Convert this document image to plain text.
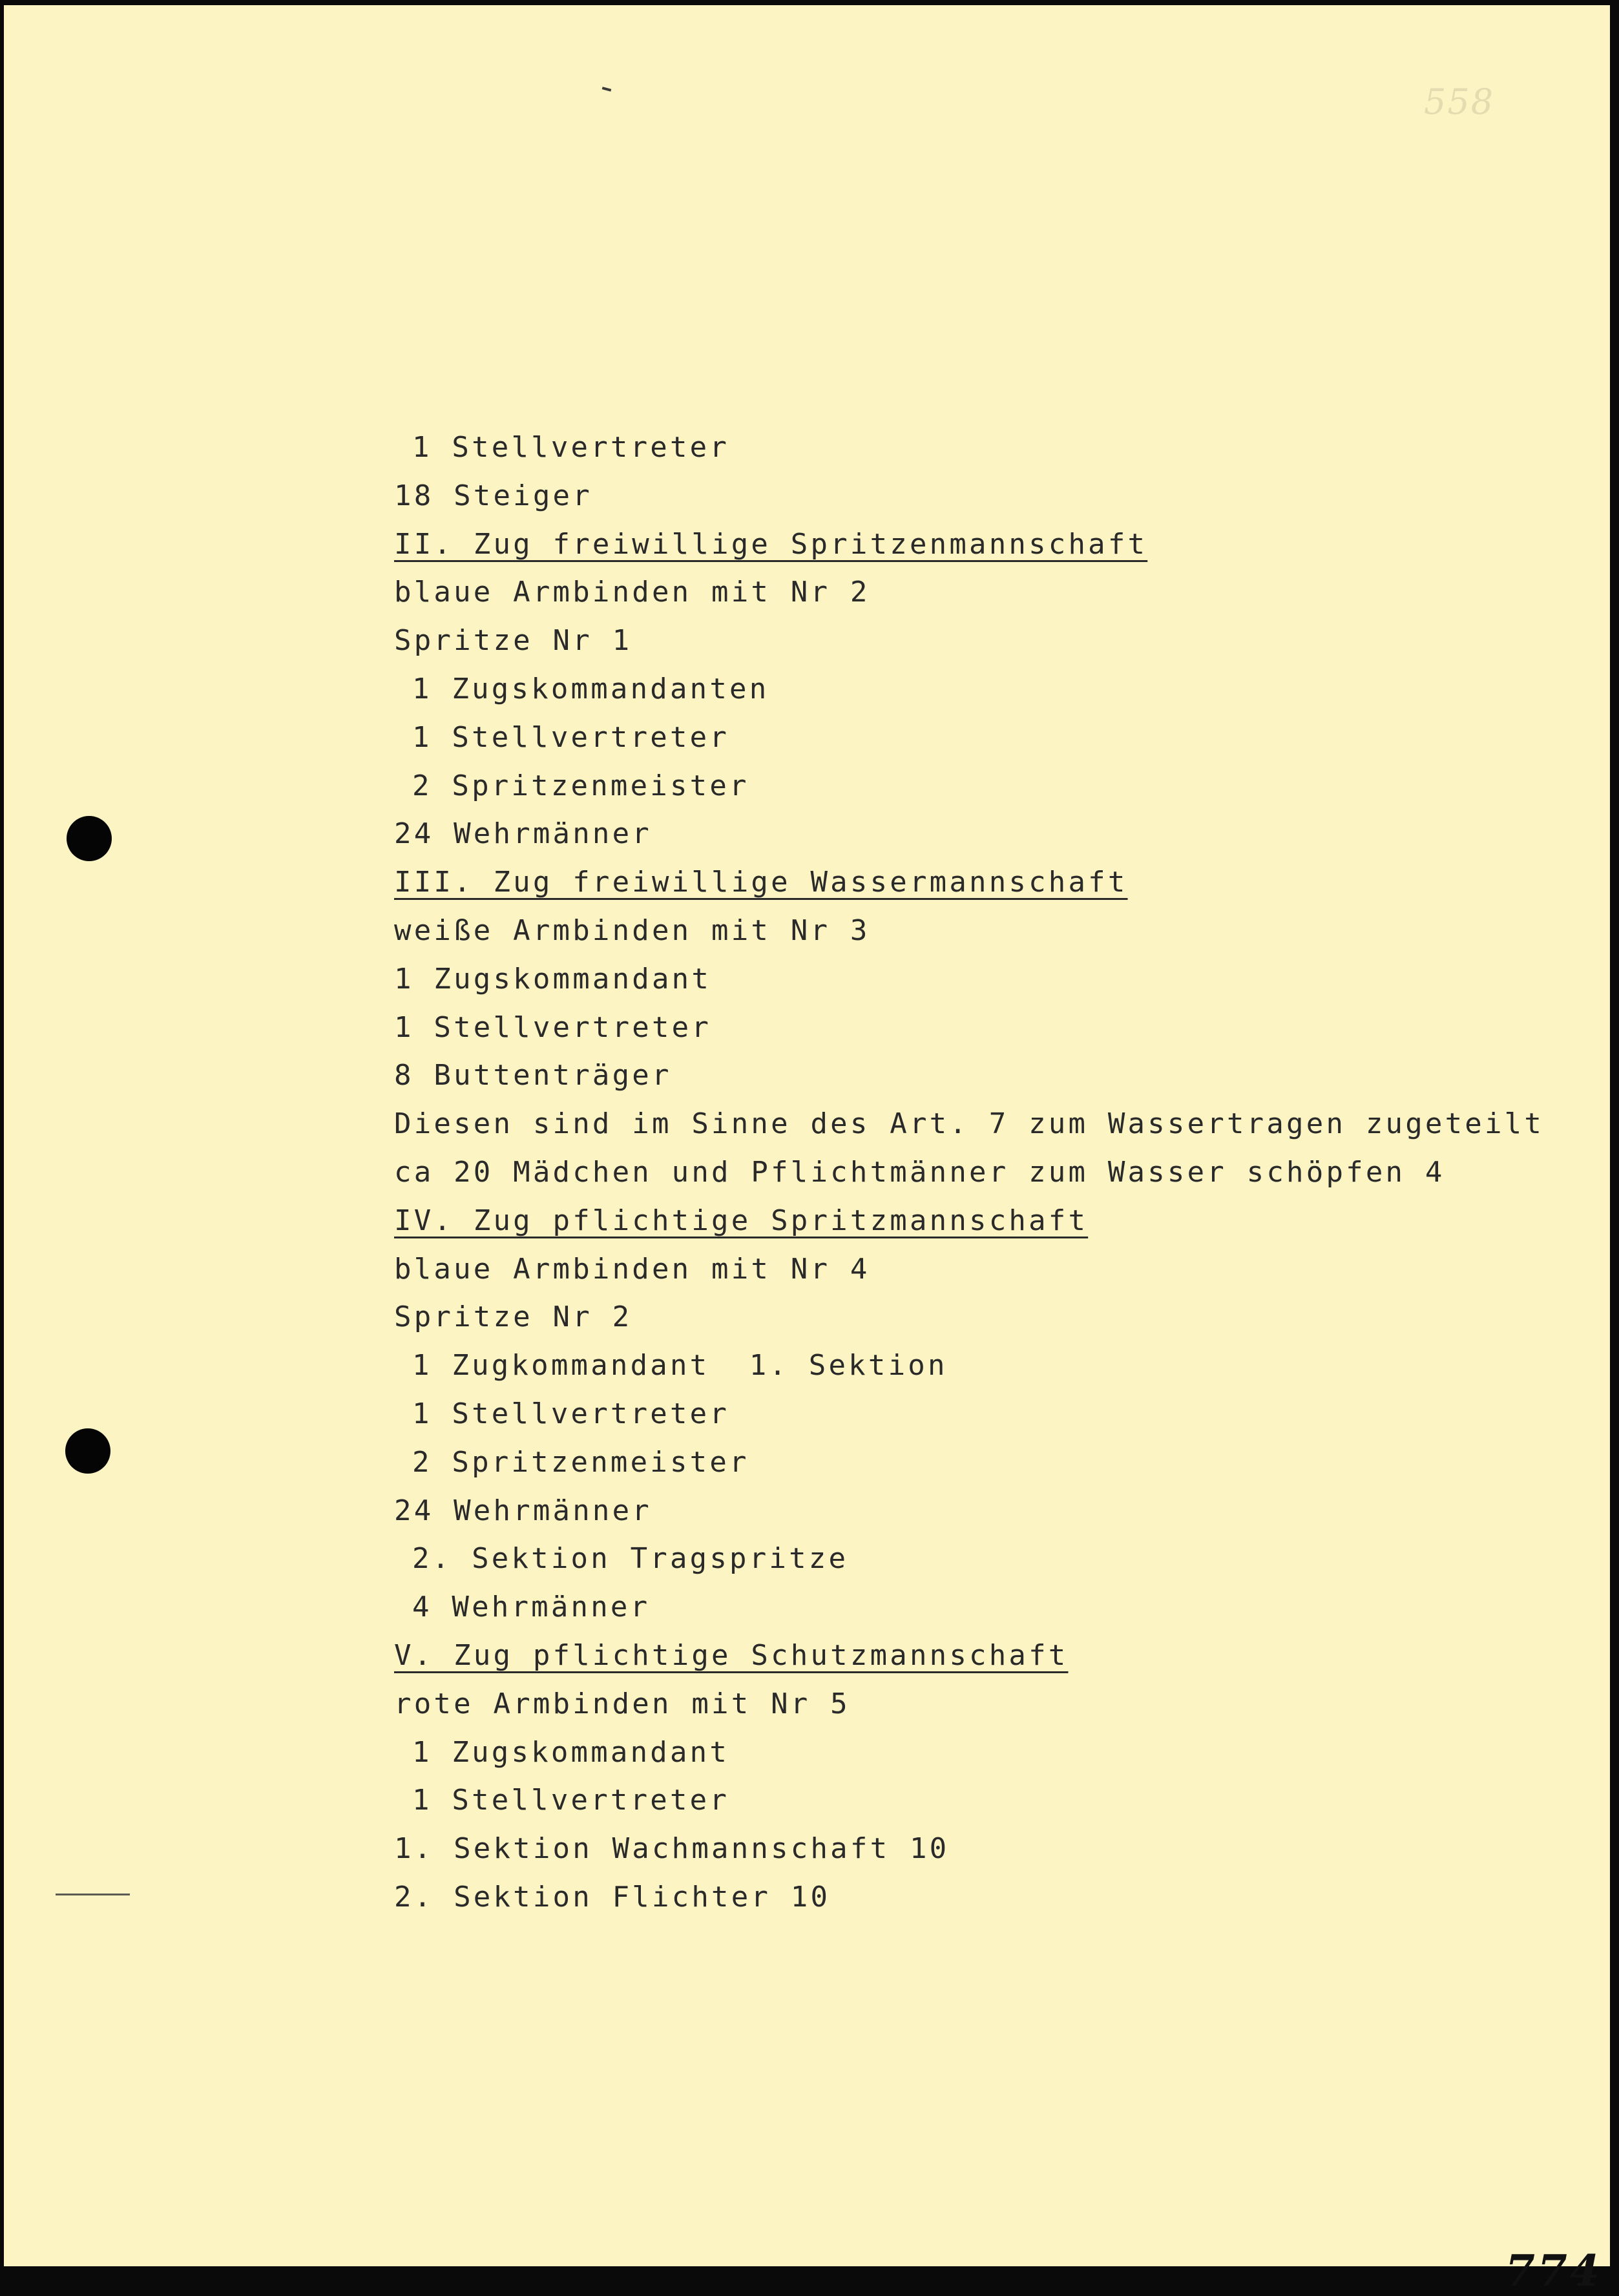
558
1 Stellvertreter
18 Steiger
II. Zug freiwillige Spritzenmannschaft
blaue Armbinden mit Nr 2
Spritze Nr 1
1 Zugskommandanten
1 Stellvertreter
2 Spritzenmeister
24 Wehrmänner
III. Zug freiwillige Wassermannschaft
weiße Armbinden mit Nr 3
1 Zugskommandant
1 Stellvertreter
8 Buttenträger
Diesen sind im Sinne des Art. 7 zum Wassertragen zugeteilt
ca 20 Mädchen und Pflichtmänner zum Wasser schöpfen 4
IV. Zug pflichtige Spritzmannschaft
blaue Armbinden mit Nr 4
Spritze Nr 2
1 Zugkommandant  1. Sektion
1 Stellvertreter
2 Spritzenmeister
24 Wehrmänner
2. Sektion Tragspritze
4 Wehrmänner
V. Zug pflichtige Schutzmannschaft
rote Armbinden mit Nr 5
1 Zugskommandant
1 Stellvertreter
1. Sektion Wachmannschaft 10
2. Sektion Flichter 10
774
